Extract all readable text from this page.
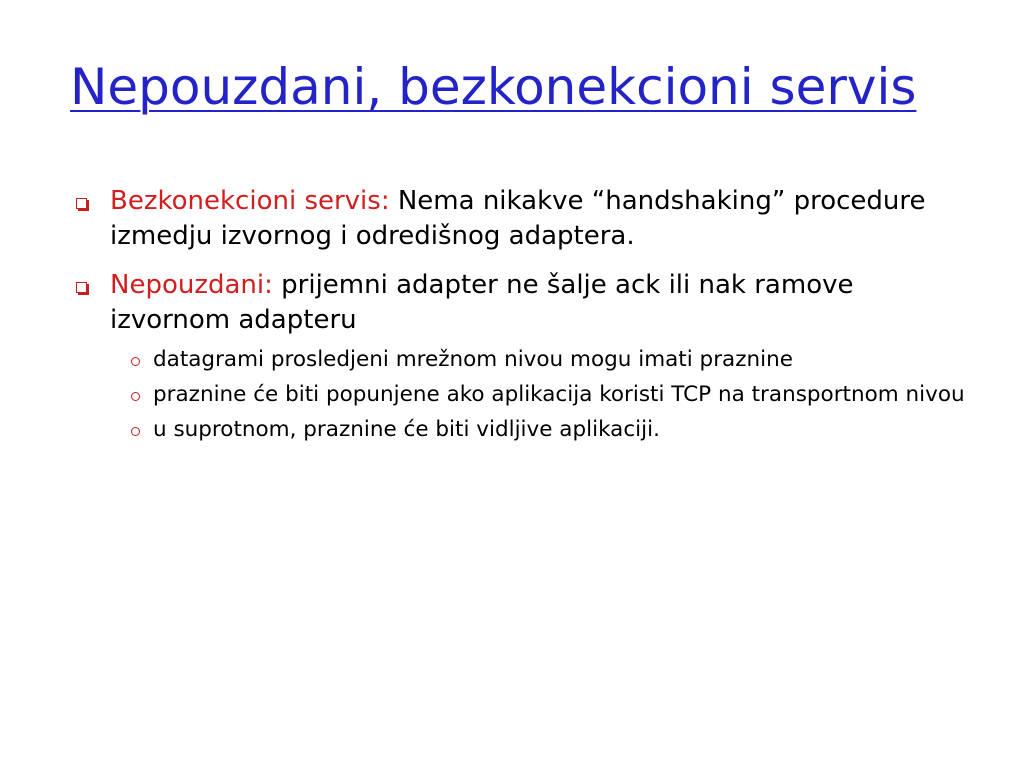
Nepouzdani, bezkonekcioni servis
Bezkonekcioni servis: Nema nikakve “handshaking” procedure izmedju izvornog i odredišnog adaptera.
Nepouzdani: prijemni adapter ne šalje ack ili nak ramove izvornom adapteru
datagrami prosledjeni mrežnom nivou mogu imati praznine
praznine će biti popunjene ako aplikacija koristi TCP na transportnom nivou
u suprotnom, praznine će biti vidljive aplikaciji.
